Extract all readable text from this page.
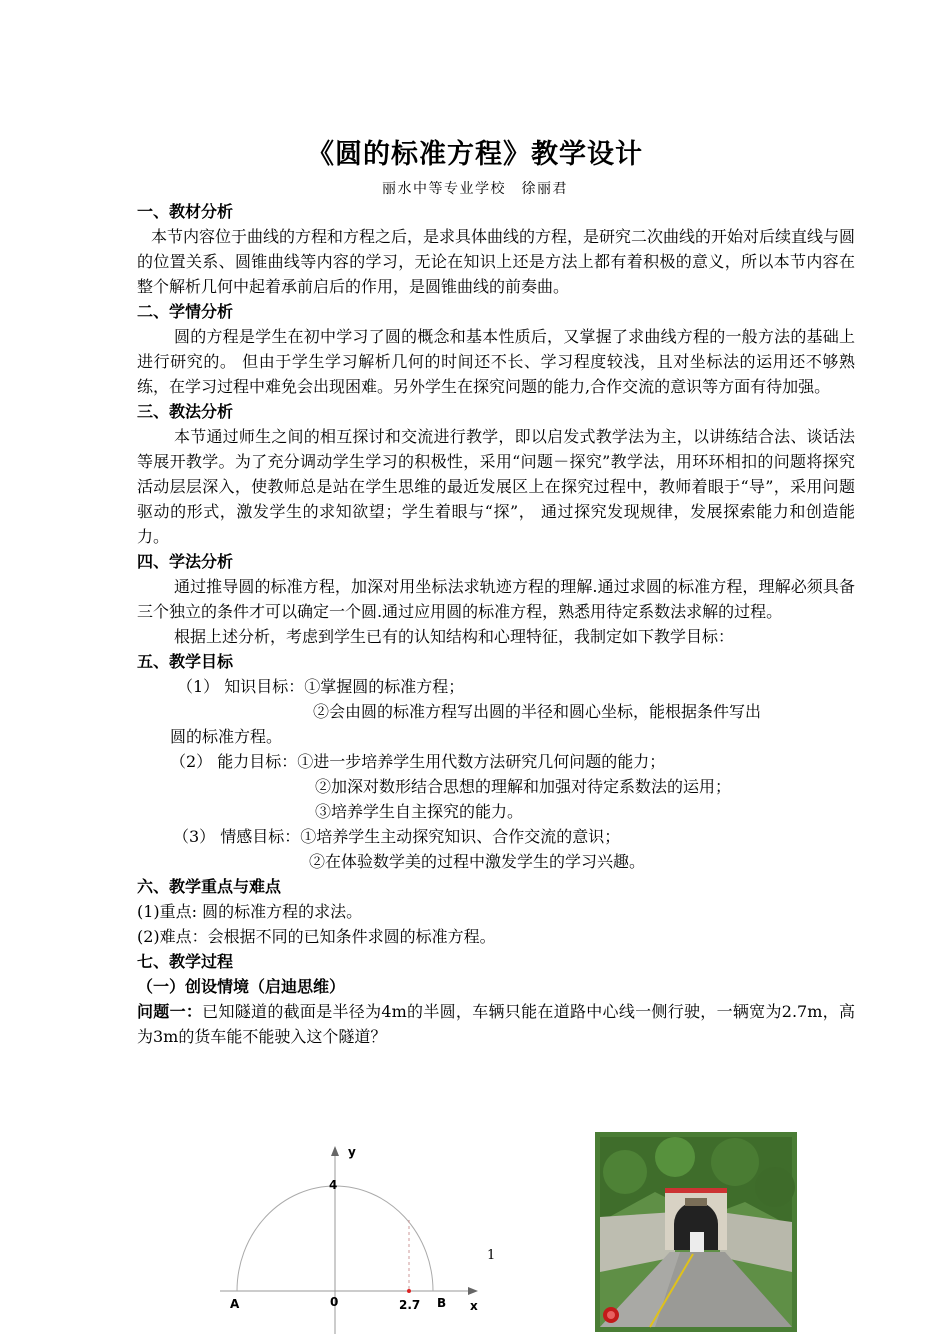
《圆的标准方程》教学设计
丽水中等专业学校　徐丽君
一、教材分析
本节内容位于曲线的方程和方程之后，是求具体曲线的方程，是研究二次曲线的开始对后续直线与圆的位置关系、圆锥曲线等内容的学习，无论在知识上还是方法上都有着积极的意义，所以本节内容在整个解析几何中起着承前启后的作用，是圆锥曲线的前奏曲。
二、学情分析
圆的方程是学生在初中学习了圆的概念和基本性质后，又掌握了求曲线方程的一般方法的基础上进行研究的。 但由于学生学习解析几何的时间还不长、学习程度较浅，且对坐标法的运用还不够熟练，在学习过程中难免会出现困难。另外学生在探究问题的能力,合作交流的意识等方面有待加强。
三、教法分析
本节通过师生之间的相互探讨和交流进行教学，即以启发式教学法为主，以讲练结合法、谈话法等展开教学。为了充分调动学生学习的积极性，采用“问题－探究”教学法，用环环相扣的问题将探究活动层层深入，使教师总是站在学生思维的最近发展区上在探究过程中，教师着眼于“导”，采用问题驱动的形式，激发学生的求知欲望；学生着眼与“探”， 通过探究发现规律，发展探索能力和创造能力。
四、学法分析
通过推导圆的标准方程，加深对用坐标法求轨迹方程的理解.通过求圆的标准方程，理解必须具备三个独立的条件才可以确定一个圆.通过应用圆的标准方程，熟悉用待定系数法求解的过程。
根据上述分析，考虑到学生已有的认知结构和心理特征，我制定如下教学目标：
五、教学目标
（1） 知识目标：①掌握圆的标准方程；
②会由圆的标准方程写出圆的半径和圆心坐标，能根据条件写出
圆的标准方程。
（2） 能力目标：①进一步培养学生用代数方法研究几何问题的能力；
②加深对数形结合思想的理解和加强对待定系数法的运用；
③培养学生自主探究的能力。
（3） 情感目标：①培养学生主动探究知识、合作交流的意识；
②在体验数学美的过程中激发学生的学习兴趣。
六、教学重点与难点
(1)重点: 圆的标准方程的求法。
(2)难点：会根据不同的已知条件求圆的标准方程。
七、教学过程
（一）创设情境（启迪思维）
问题一：已知隧道的截面是半径为4m的半圆，车辆只能在道路中心线一侧行驶，一辆宽为2.7m，高为3m的货车能不能驶入这个隧道？
y
4
A	0	2.7 B x
1
